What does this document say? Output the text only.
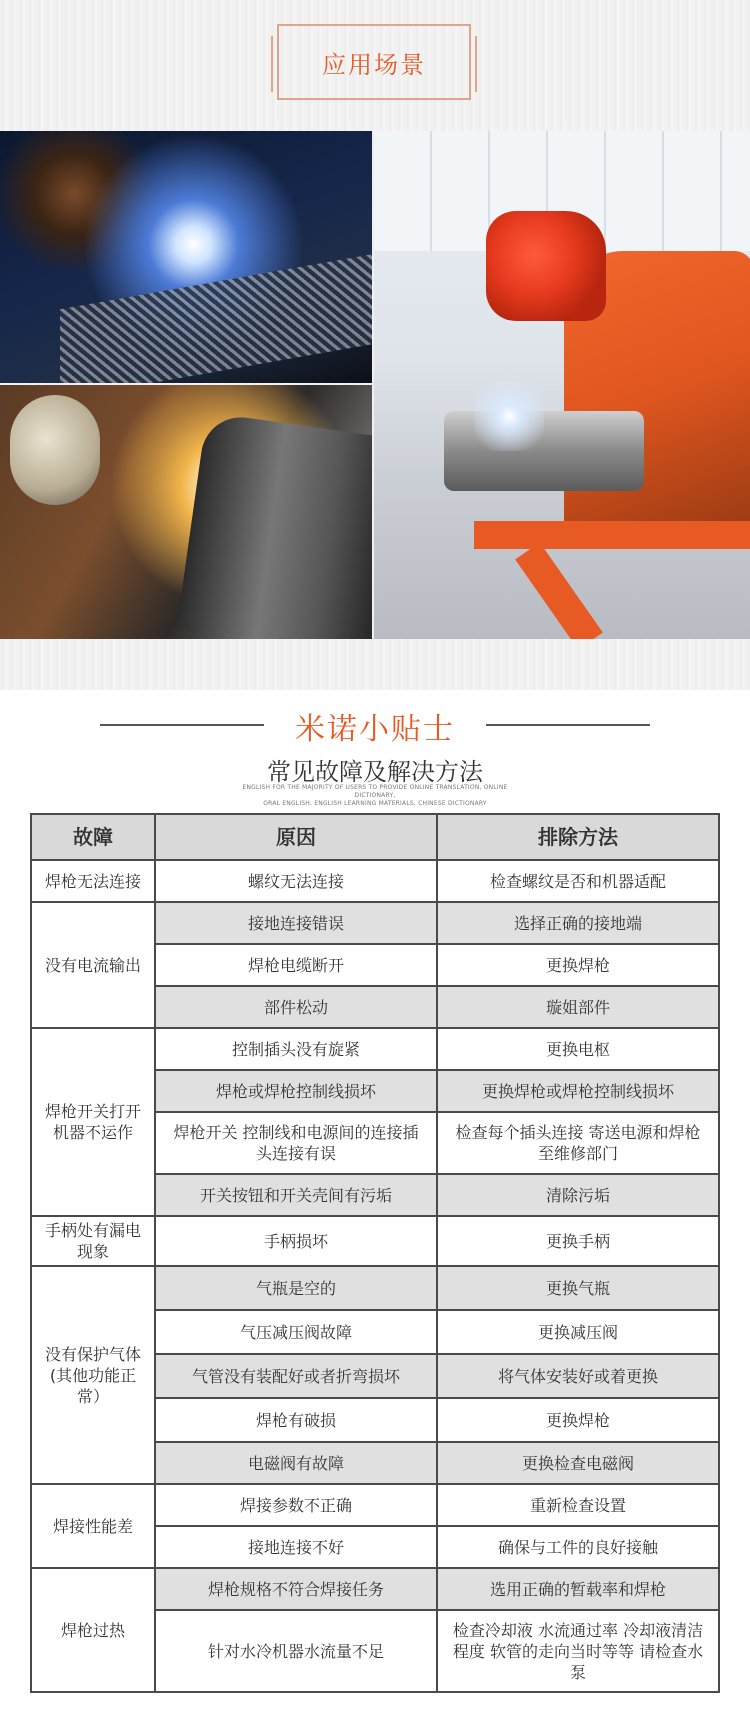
应用场景
米诺小贴士
常见故障及解决方法
ENGLISH FOR THE MAJORITY OF USERS TO PROVIDE ONLINE TRANSLATION, ONLINE DICTIONARY,
ORAL ENGLISH, ENGLISH LEARNING MATERIALS, CHINESE DICTIONARY
故障	原因	排除方法
焊枪无法连接	螺纹无法连接	检查螺纹是否和机器适配
没有电流输出	接地连接错误	选择正确的接地端
	焊枪电缆断开	更换焊枪
	部件松动	璇姐部件
焊枪开关打开机器不运作	控制插头没有旋紧	更换电枢
	焊枪或焊枪控制线损坏	更换焊枪或焊枪控制线损坏
	焊枪开关 控制线和电源间的连接插头连接有误	检查每个插头连接 寄送电源和焊枪至维修部门
	开关按钮和开关壳间有污垢	清除污垢
手柄处有漏电现象	手柄损坏	更换手柄
没有保护气体(其他功能正常）	气瓶是空的	更换气瓶
	气压减压阀故障	更换减压阀
	气管没有装配好或者折弯损坏	将气体安装好或着更换
	焊枪有破损	更换焊枪
	电磁阀有故障	更换检查电磁阀
焊接性能差	焊接参数不正确	重新检查设置
	接地连接不好	确保与工件的良好接触
焊枪过热	焊枪规格不符合焊接任务	选用正确的暂载率和焊枪
	针对水冷机器水流量不足	检查冷却液 水流通过率 冷却液清洁程度 软管的走向当时等等 请检查水泵
